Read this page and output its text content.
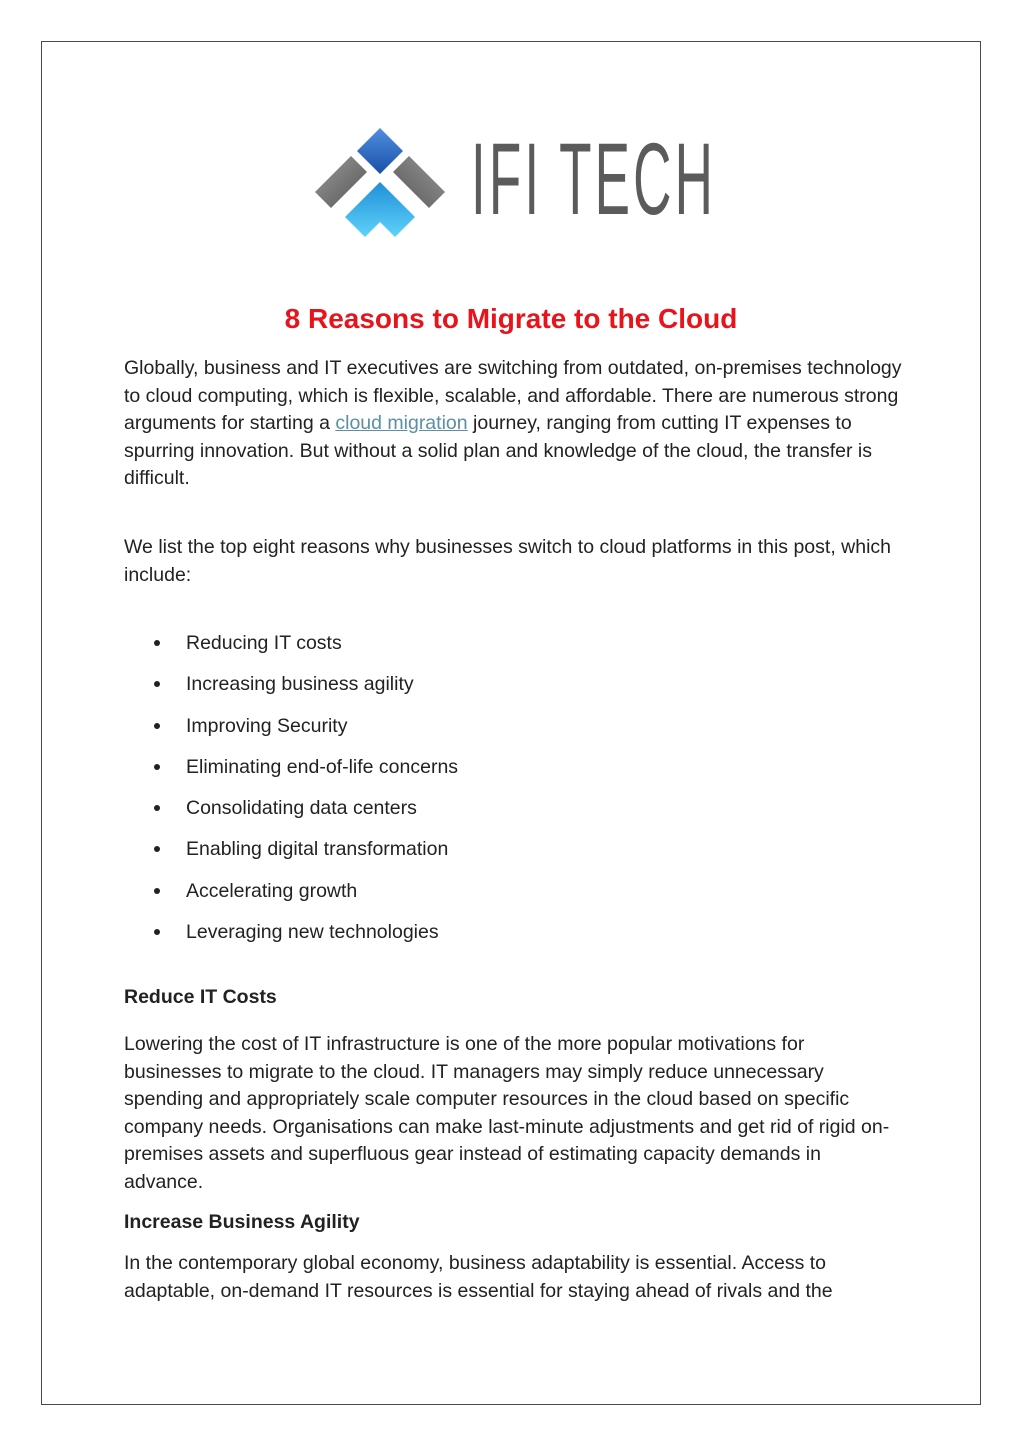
IFI TECH
8 Reasons to Migrate to the Cloud

Globally, business and IT executives are switching from outdated, on-premises technology to cloud computing, which is flexible, scalable, and affordable. There are numerous strong arguments for starting a cloud migration journey, ranging from cutting IT expenses to spurring innovation. But without a solid plan and knowledge of the cloud, the transfer is difficult.

We list the top eight reasons why businesses switch to cloud platforms in this post, which include:

Reducing IT costs
Increasing business agility
Improving Security
Eliminating end-of-life concerns
Consolidating data centers
Enabling digital transformation
Accelerating growth
Leveraging new technologies
Reduce IT Costs

Lowering the cost of IT infrastructure is one of the more popular motivations for businesses to migrate to the cloud. IT managers may simply reduce unnecessary spending and appropriately scale computer resources in the cloud based on specific company needs. Organisations can make last-minute adjustments and get rid of rigid on-premises assets and superfluous gear instead of estimating capacity demands in advance.

Increase Business Agility

In the contemporary global economy, business adaptability is essential. Access to adaptable, on-demand IT resources is essential for staying ahead of rivals and the
